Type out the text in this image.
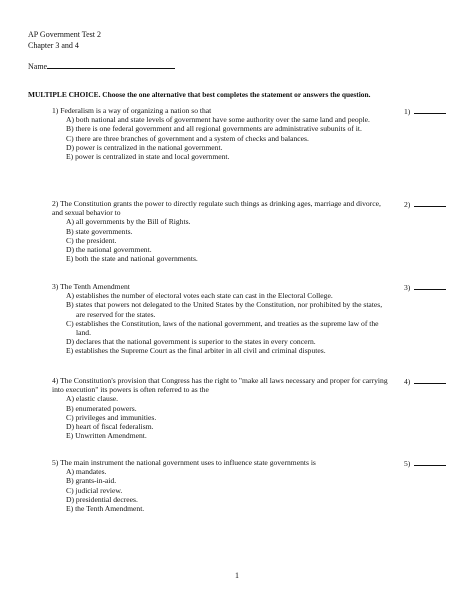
AP Government Test 2
Chapter 3 and 4
Name
MULTIPLE CHOICE. Choose the one alternative that best completes the statement or answers the question.
1) Federalism is a way of organizing a nation so that
A) both national and state levels of government have some authority over the same land and people.
B) there is one federal government and all regional governments are administrative subunits of it.
C) there are three branches of government and a system of checks and balances.
D) power is centralized in the national government.
E) power is centralized in state and local government.
1)
2) The Constitution grants the power to directly regulate such things as drinking ages, marriage and divorce, and sexual behavior to
A) all governments by the Bill of Rights.
B) state governments.
C) the president.
D) the national government.
E) both the state and national governments.
2)
3) The Tenth Amendment
A) establishes the number of electoral votes each state can cast in the Electoral College.
B) states that powers not delegated to the United States by the Constitution, nor prohibited by the states, are reserved for the states.
C) establishes the Constitution, laws of the national government, and treaties as the supreme law of the land.
D) declares that the national government is superior to the states in every concern.
E) establishes the Supreme Court as the final arbiter in all civil and criminal disputes.
3)
4) The Constitution's provision that Congress has the right to "make all laws necessary and proper for carrying into execution" its powers is often referred to as the
A) elastic clause.
B) enumerated powers.
C) privileges and immunities.
D) heart of fiscal federalism.
E) Unwritten Amendment.
4)
5) The main instrument the national government uses to influence state governments is
A) mandates.
B) grants-in-aid.
C) judicial review.
D) presidential decrees.
E) the Tenth Amendment.
5)
1
